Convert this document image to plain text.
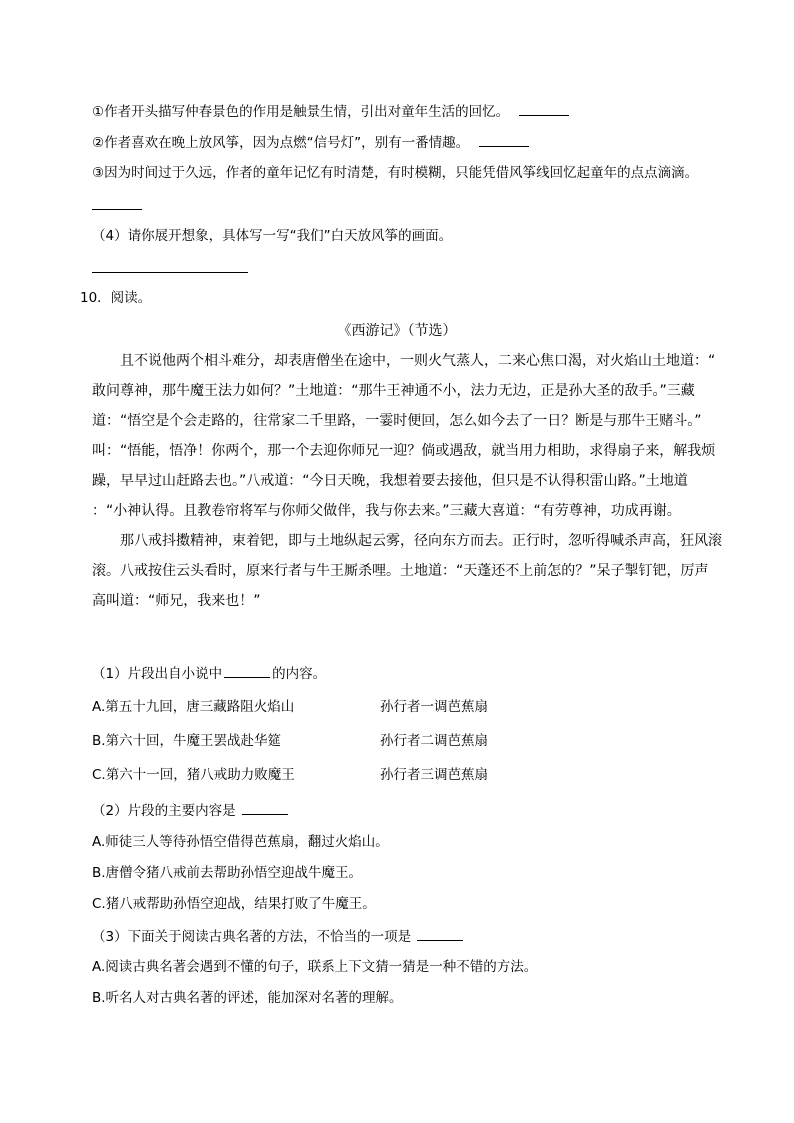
①作者开头描写仲春景色的作用是触景生情，引出对童年生活的回忆。
②作者喜欢在晚上放风筝，因为点燃“信号灯”，别有一番情趣。
③因为时间过于久远，作者的童年记忆有时清楚，有时模糊，只能凭借风筝线回忆起童年的点点滴滴。
（4）请你展开想象，具体写一写“我们”白天放风筝的画面。
10．阅读。
《西游记》（节选）
　　且不说他两个相斗难分，却表唐僧坐在途中，一则火气蒸人，二来心焦口渴，对火焰山土地道：“
敢问尊神，那牛魔王法力如何？”土地道：“那牛王神通不小，法力无边，正是孙大圣的敌手。”三藏
道：“悟空是个会走路的，往常家二千里路，一霎时便回，怎么如今去了一日？断是与那牛王赌斗。”
叫：“悟能，悟净！你两个，那一个去迎你师兄一迎？倘或遇敌，就当用力相助，求得扇子来，解我烦
躁，早早过山赶路去也。”八戒道：“今日天晚，我想着要去接他，但只是不认得积雷山路。”土地道
：“小神认得。且教卷帘将军与你师父做伴，我与你去来。”三藏大喜道：“有劳尊神，功成再谢。
　　那八戒抖擞精神，束着钯，即与土地纵起云雾，径向东方而去。正行时，忽听得喊杀声高，狂风滚
滚。八戒按住云头看时，原来行者与牛王厮杀哩。土地道：“天蓬还不上前怎的？”呆子掣钉钯，厉声
高叫道：“师兄，我来也！”
（1）片段出自小说中	的内容。
A.第五十九回，唐三藏路阻火焰山	孙行者一调芭蕉扇
B.第六十回，牛魔王罢战赴华筵	孙行者二调芭蕉扇
C.第六十一回，猪八戒助力败魔王	孙行者三调芭蕉扇
（2）片段的主要内容是
A.师徒三人等待孙悟空借得芭蕉扇，翻过火焰山。
B.唐僧令猪八戒前去帮助孙悟空迎战牛魔王。
C.猪八戒帮助孙悟空迎战，结果打败了牛魔王。
（3）下面关于阅读古典名著的方法，不恰当的一项是
A.阅读古典名著会遇到不懂的句子，联系上下文猜一猜是一种不错的方法。
B.听名人对古典名著的评述，能加深对名著的理解。
